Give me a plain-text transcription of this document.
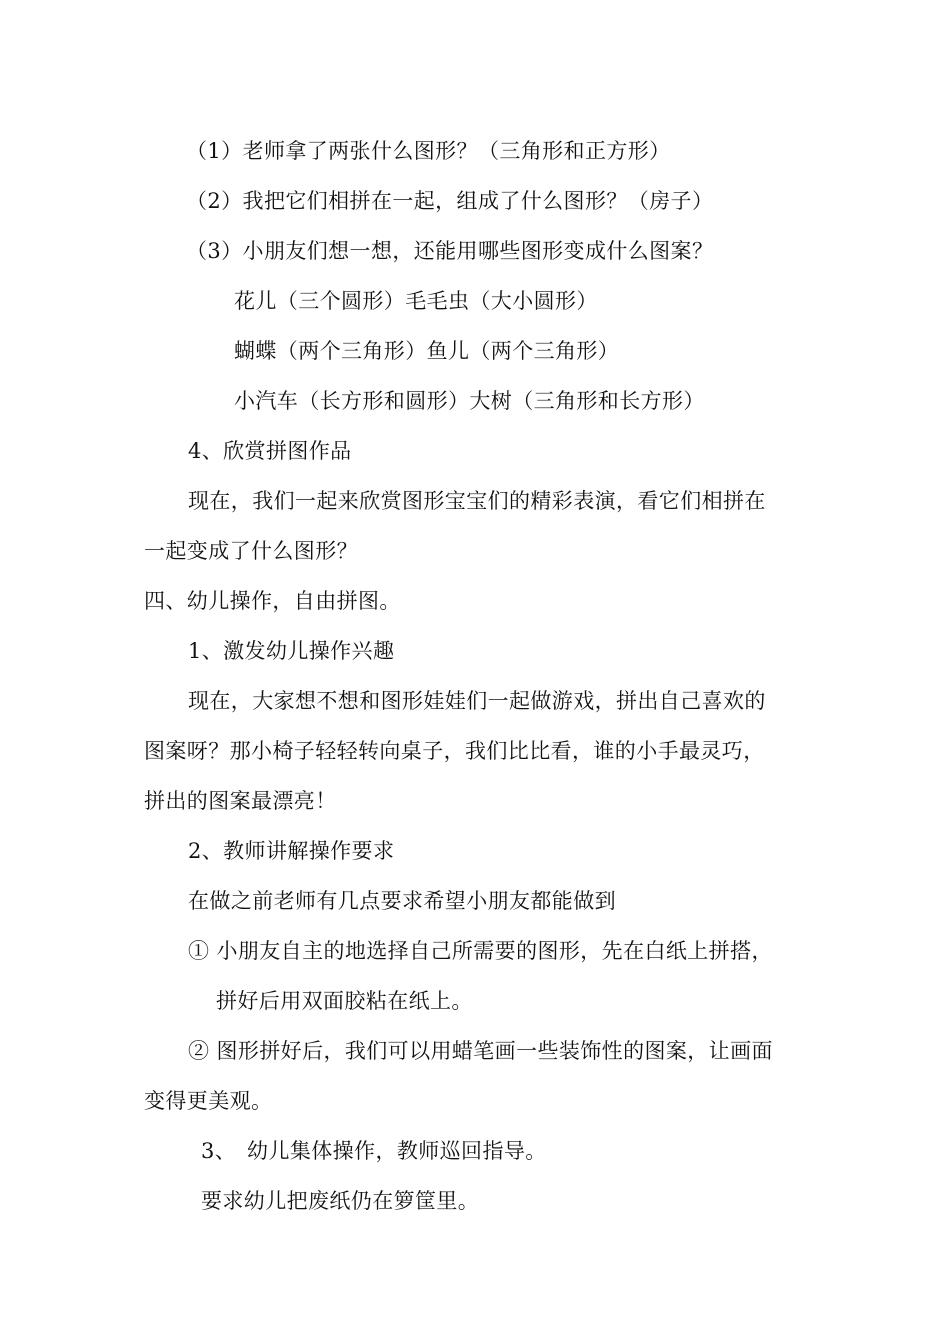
（1）老师拿了两张什么图形？（三角形和正方形）
（2）我把它们相拼在一起，组成了什么图形？（房子）
（3）小朋友们想一想，还能用哪些图形变成什么图案？
花儿（三个圆形）毛毛虫（大小圆形）
蝴蝶（两个三角形）鱼儿（两个三角形）
小汽车（长方形和圆形）大树（三角形和长方形）
4、欣赏拼图作品
现在，我们一起来欣赏图形宝宝们的精彩表演，看它们相拼在
一起变成了什么图形？
四、幼儿操作，自由拼图。
1、激发幼儿操作兴趣
现在，大家想不想和图形娃娃们一起做游戏，拼出自己喜欢的
图案呀？那小椅子轻轻转向桌子，我们比比看，谁的小手最灵巧，
拼出的图案最漂亮！
2、教师讲解操作要求
在做之前老师有几点要求希望小朋友都能做到
① 小朋友自主的地选择自己所需要的图形，先在白纸上拼搭，
拼好后用双面胶粘在纸上。
② 图形拼好后，我们可以用蜡笔画一些装饰性的图案，让画面
变得更美观。
3、　幼儿集体操作，教师巡回指导。
要求幼儿把废纸仍在箩筐里。
